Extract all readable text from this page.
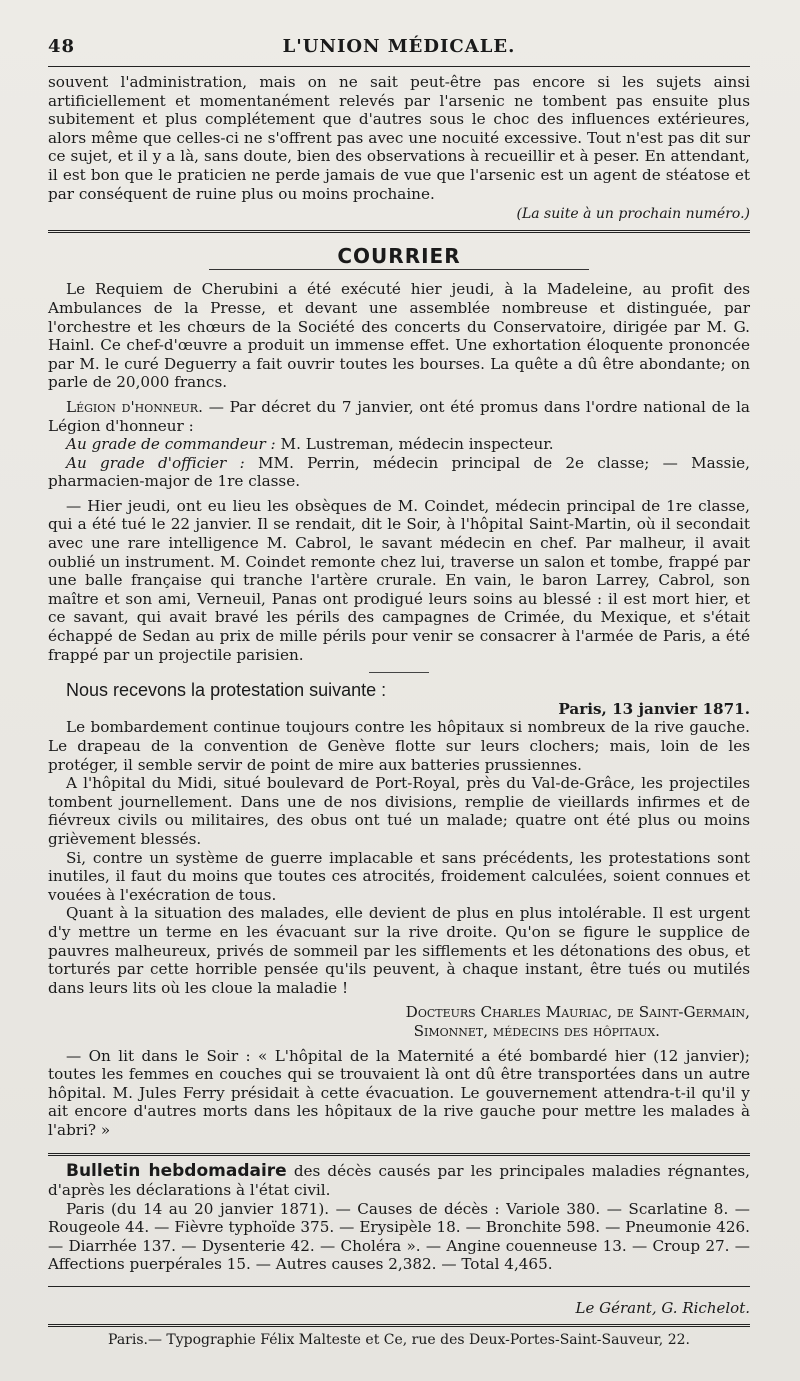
48	L'UNION MÉDICALE.

souvent l'administration, mais on ne sait peut-être pas encore si les sujets ainsi artificiellement et momentanément relevés par l'arsenic ne tombent pas ensuite plus subitement et plus complétement que d'autres sous le choc des influences extérieures, alors même que celles-ci ne s'offrent pas avec une nocuité excessive. Tout n'est pas dit sur ce sujet, et il y a là, sans doute, bien des observations à recueillir et à peser. En attendant, il est bon que le praticien ne perde jamais de vue que l'arsenic est un agent de stéatose et par conséquent de ruine plus ou moins prochaine.

(La suite à un prochain numéro.)

COURRIER

Le Requiem de Cherubini a été exécuté hier jeudi, à la Madeleine, au profit des Ambulances de la Presse, et devant une assemblée nombreuse et distinguée, par l'orchestre et les chœurs de la Société des concerts du Conservatoire, dirigée par M. G. Hainl. Ce chef-d'œuvre a produit un immense effet. Une exhortation éloquente prononcée par M. le curé Deguerry a fait ouvrir toutes les bourses. La quête a dû être abondante; on parle de 20,000 francs.

Légion d'honneur. — Par décret du 7 janvier, ont été promus dans l'ordre national de la Légion d'honneur :

Au grade de commandeur : M. Lustreman, médecin inspecteur.

Au grade d'officier : MM. Perrin, médecin principal de 2e classe; — Massie, pharmacien-major de 1re classe.

— Hier jeudi, ont eu lieu les obsèques de M. Coindet, médecin principal de 1re classe, qui a été tué le 22 janvier. Il se rendait, dit le Soir, à l'hôpital Saint-Martin, où il secondait avec une rare intelligence M. Cabrol, le savant médecin en chef. Par malheur, il avait oublié un instrument. M. Coindet remonte chez lui, traverse un salon et tombe, frappé par une balle française qui tranche l'artère crurale. En vain, le baron Larrey, Cabrol, son maître et son ami, Verneuil, Panas ont prodigué leurs soins au blessé : il est mort hier, et ce savant, qui avait bravé les périls des campagnes de Crimée, du Mexique, et s'était échappé de Sedan au prix de mille périls pour venir se consacrer à l'armée de Paris, a été frappé par un projectile parisien.

Nous recevons la protestation suivante :

Paris, 13 janvier 1871.

Le bombardement continue toujours contre les hôpitaux si nombreux de la rive gauche. Le drapeau de la convention de Genève flotte sur leurs clochers; mais, loin de les protéger, il semble servir de point de mire aux batteries prussiennes.

A l'hôpital du Midi, situé boulevard de Port-Royal, près du Val-de-Grâce, les projectiles tombent journellement. Dans une de nos divisions, remplie de vieillards infirmes et de fiévreux civils ou militaires, des obus ont tué un malade; quatre ont été plus ou moins grièvement blessés.

Si, contre un système de guerre implacable et sans précédents, les protestations sont inutiles, il faut du moins que toutes ces atrocités, froidement calculées, soient connues et vouées à l'exécration de tous.

Quant à la situation des malades, elle devient de plus en plus intolérable. Il est urgent d'y mettre un terme en les évacuant sur la rive droite. Qu'on se figure le supplice de pauvres malheureux, privés de sommeil par les sifflements et les détonations des obus, et torturés par cette horrible pensée qu'ils peuvent, à chaque instant, être tués ou mutilés dans leurs lits où les cloue la maladie !

Docteurs Charles Mauriac, de Saint-Germain,

Simonnet, médecins des hôpitaux.

— On lit dans le Soir : « L'hôpital de la Maternité a été bombardé hier (12 janvier); toutes les femmes en couches qui se trouvaient là ont dû être transportées dans un autre hôpital. M. Jules Ferry présidait à cette évacuation. Le gouvernement attendra-t-il qu'il y ait encore d'autres morts dans les hôpitaux de la rive gauche pour mettre les malades à l'abri? »

Bulletin hebdomadaire des décès causés par les principales maladies régnantes, d'après les déclarations à l'état civil.

Paris (du 14 au 20 janvier 1871). — Causes de décès : Variole 380. — Scarlatine 8. — Rougeole 44. — Fièvre typhoïde 375. — Erysipèle 18. — Bronchite 598. — Pneumonie 426. — Diarrhée 137. — Dysenterie 42. — Choléra ». — Angine couenneuse 13. — Croup 27. — Affections puerpérales 15. — Autres causes 2,382. — Total 4,465.

Le Gérant, G. Richelot.

Paris.— Typographie Félix Malteste et Ce, rue des Deux-Portes-Saint-Sauveur, 22.
